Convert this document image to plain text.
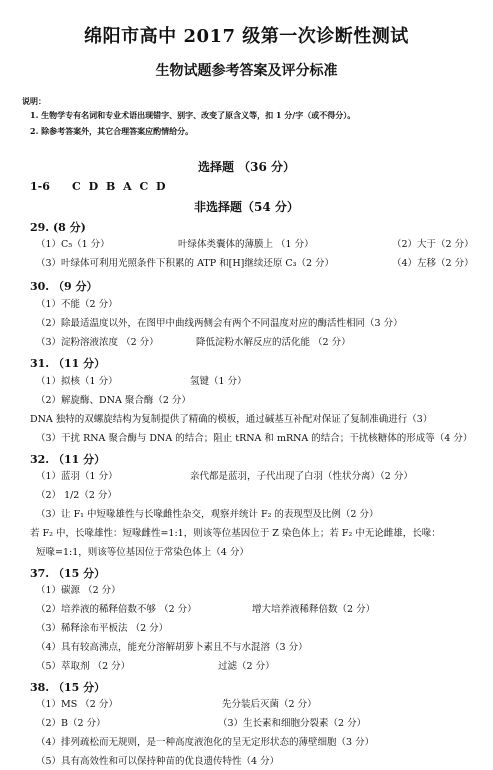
绵阳市高中 2017 级第一次诊断性测试
生物试题参考答案及评分标准
说明：
1. 生物学专有名词和专业术语出现错字、别字、改变了原含义等，扣 1 分/字（或不得分）。
2. 除参考答案外，其它合理答案应酌情给分。
选择题 （36 分）
1-6 C D B A C D
非选择题（54 分）
29. (8 分)
（1）C₅（1 分）	叶绿体类囊体的薄膜上 （1 分）	（2）大于（2 分）
（3）叶绿体可利用光照条件下积累的 ATP 和[H]继续还原 C₃（2 分）	（4）左移（2 分）
30. （9 分）
（1）不能（2 分）
（2）除最适温度以外，在图甲中曲线两侧会有两个不同温度对应的酶活性相同（3 分）
（3）淀粉溶液浓度 （2 分）	降低淀粉水解反应的活化能 （2 分）
31. （11 分）
（1）拟核（1 分）	氢键（1 分）
（2）解旋酶、DNA 聚合酶（2 分）
DNA 独特的双螺旋结构为复制提供了精确的模板，通过碱基互补配对保证了复制准确进行（3）
（3）干扰 RNA 聚合酶与 DNA 的结合；阻止 tRNA 和 mRNA 的结合；干扰核糖体的形成等（4 分）
32. （11 分）
（1）蓝羽（1 分）	亲代都是蓝羽，子代出现了白羽（性状分离）（2 分）
（2） 1/2（2 分）
（3）让 F₁ 中短喙雄性与长喙雌性杂交，观察并统计 F₂ 的表现型及比例（2 分）
若 F₂ 中，长喙雄性：短喙雌性=1:1，则该等位基因位于 Z 染色体上；若 F₂ 中无论雌雄，长喙：
短喙=1:1，则该等位基因位于常染色体上（4 分）
37. （15 分）
（1）碳源 （2 分）
（2）培养液的稀释倍数不够 （2 分）	增大培养液稀释倍数（2 分）
（3）稀释涂布平板法 （2 分）
（4）具有较高沸点，能充分溶解胡萝卜素且不与水混溶（3 分）
（5）萃取剂 （2 分）	过滤（2 分）
38. （15 分）
（1）MS （2 分）	先分装后灭菌（2 分）
（2）B（2 分）	（3）生长素和细胞分裂素（2 分）
（4）排列疏松而无规则，是一种高度液泡化的呈无定形状态的薄壁细胞（3 分）
（5）具有高效性和可以保持种苗的优良遗传特性（4 分）
